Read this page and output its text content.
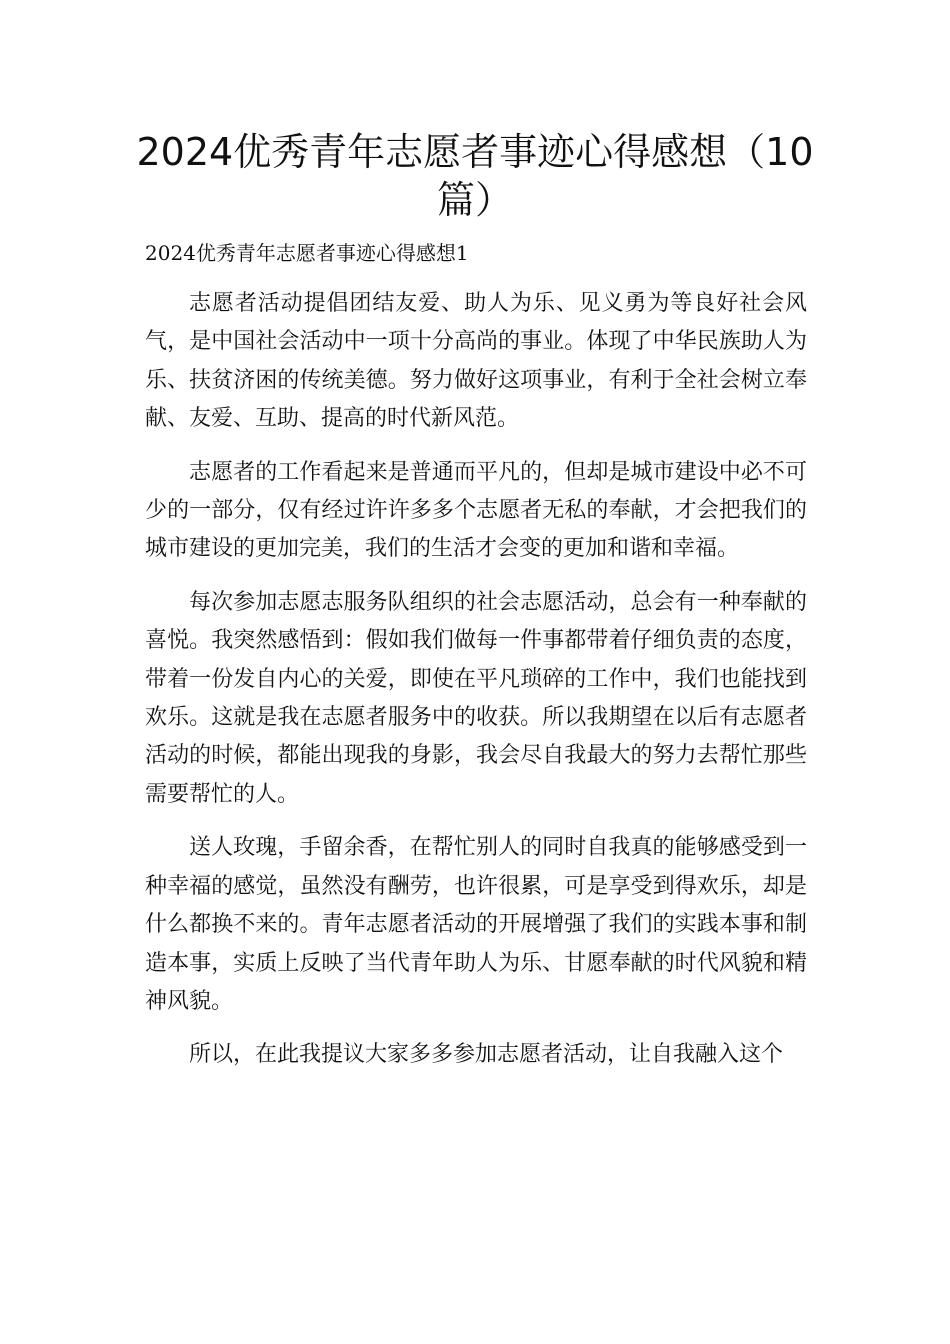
2024优秀青年志愿者事迹心得感想（10篇）
2024优秀青年志愿者事迹心得感想1

志愿者活动提倡团结友爱、助人为乐、见义勇为等良好社会风气，是中国社会活动中一项十分高尚的事业。体现了中华民族助人为乐、扶贫济困的传统美德。努力做好这项事业，有利于全社会树立奉献、友爱、互助、提高的时代新风范。

志愿者的工作看起来是普通而平凡的，但却是城市建设中必不可少的一部分，仅有经过许许多多个志愿者无私的奉献，才会把我们的城市建设的更加完美，我们的生活才会变的更加和谐和幸福。

每次参加志愿志服务队组织的社会志愿活动，总会有一种奉献的喜悦。我突然感悟到：假如我们做每一件事都带着仔细负责的态度，带着一份发自内心的关爱，即使在平凡琐碎的工作中，我们也能找到欢乐。这就是我在志愿者服务中的收获。所以我期望在以后有志愿者活动的时候，都能出现我的身影，我会尽自我最大的努力去帮忙那些需要帮忙的人。

送人玫瑰，手留余香，在帮忙别人的同时自我真的能够感受到一种幸福的感觉，虽然没有酬劳，也许很累，可是享受到得欢乐，却是什么都换不来的。青年志愿者活动的开展增强了我们的实践本事和制造本事，实质上反映了当代青年助人为乐、甘愿奉献的时代风貌和精神风貌。

所以，在此我提议大家多多参加志愿者活动，让自我融入这个
